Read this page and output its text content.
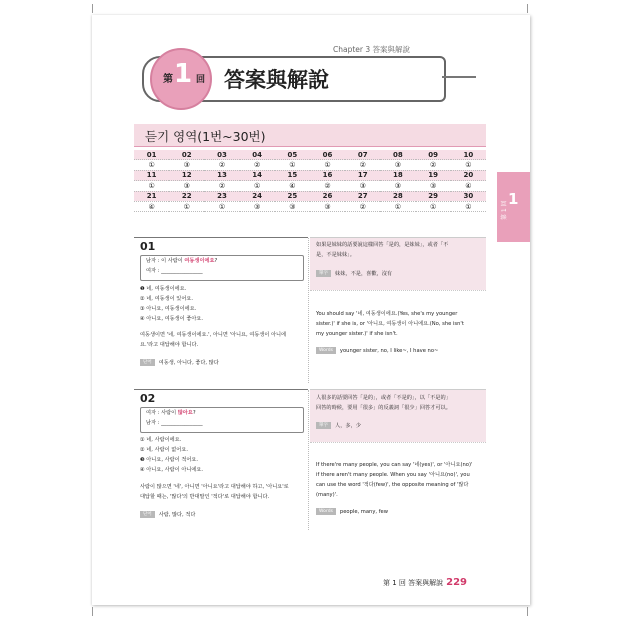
第 1 回
1
Chapter 3 答案與解說
第 1 回 答案與解說
듣기 영역(1번~30번)
01	02	03	04	05	06	07	08	09	10
①	③	②	②	①	①	②	③	②	①
11	12	13	14	15	16	17	18	19	20
①	③	②	①	④	②	③	③	③	④
21	22	23	24	25	26	27	28	29	30
④	①	①	③	③	③	②	①	①	①
01
남자 : 이 사람이 여동생이에요?
여자 : ________________
❶ 네, 여동생이에요.
② 네, 여동생이 있어요.
③ 아니요, 여동생이에요.
④ 아니요, 여동생이 좋아요.
여동생이면 '네, 여동생이에요.', 아니면 '아니요, 여동생이 아니에
요.'라고 대답해야 합니다.
단어 여동생, 아니다, 좋다, 많다
如果是妹妹的話要說這樣回答「是的，是妹妹」，或者「不
是，不是妹妹」。
單字 妹妹，不是，喜歡，沒有
You should say '네, 여동생이에요.(Yes, she's my younger
sister.)' if she is, or '아니요, 여동생이 아니에요.(No, she isn't
my younger sister.)' if she isn't.
Words younger sister, no, I like~, I have no~
02
여자 : 사람이 많아요?
남자 : ________________
① 네, 사람이에요.
② 네, 사람이 없어요.
❸ 아니요, 사람이 적어요.
④ 아니요, 사람이 아니에요.
사람이 많으면 '네', 아니면 '아니요'라고 대답해야 하고, '아니요'로
대답할 때는, '많다'의 반대말인 '적다'로 대답해야 합니다.
단어 사람, 많다, 적다
人很多的話要回答「是的」，或者「不是的」，以「不是的」
回答的時候，要用「很多」的反義詞「很少」回答才可以。
單字 人，多，少
If there're many people, you can say '네(yes)', or '아니요(no)'
if there aren't many people. When you say '아니요(no)', you
can use the word '적다(few)', the opposite meaning of '많다
(many)'.
Words people, many, few
第 1 回 答案與解說 229
